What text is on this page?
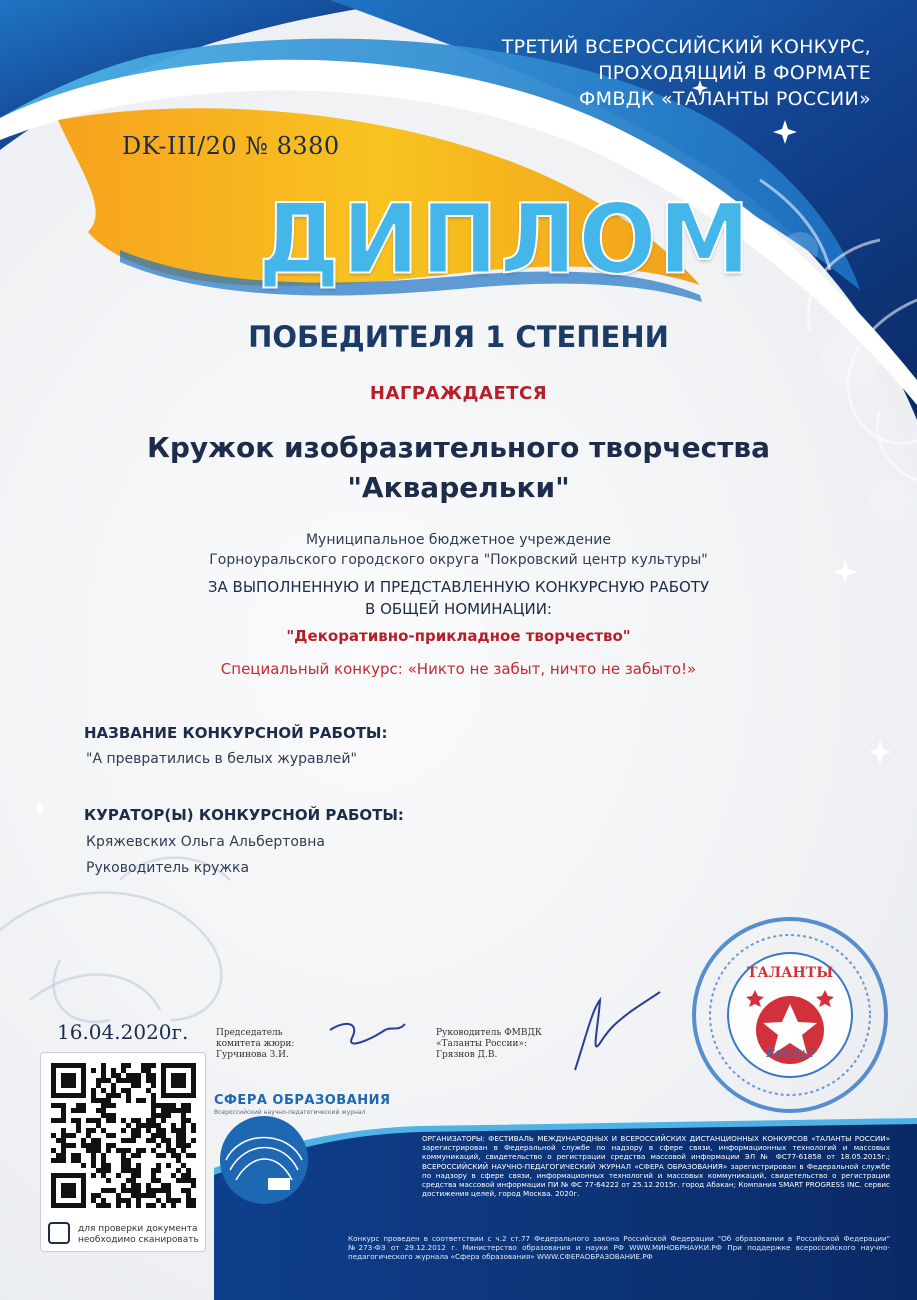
ТРЕТИЙ ВСЕРОССИЙСКИЙ КОНКУРС,
ПРОХОДЯЩИЙ В ФОРМАТЕ
ФМВДК «ТАЛАНТЫ РОССИИ»
DK-III/20 № 8380
ДИПЛОМ
ПОБЕДИТЕЛЯ 1 СТЕПЕНИ
НАГРАЖДАЕТСЯ
Кружок изобразительного творчества
"Акварельки"
Муниципальное бюджетное учреждение
Горноуральского городского округа "Покровский центр культуры"
ЗА ВЫПОЛНЕННУЮ И ПРЕДСТАВЛЕННУЮ КОНКУРСНУЮ РАБОТУ
В ОБЩЕЙ НОМИНАЦИИ:
"Декоративно-прикладное творчество"
Специальный конкурс: «Никто не забыт, ничто не забыто!»
НАЗВАНИЕ КОНКУРСНОЙ РАБОТЫ:
"А превратились в белых журавлей"
КУРАТОР(Ы) КОНКУРСНОЙ РАБОТЫ:
Кряжевских Ольга Альбертовна
Руководитель кружка
16.04.2020г.	Председатель
комитета жюри:
Гурчинова З.И.
Руководитель ФМВДК
«Таланты России»:
Грязнов Д.В.
для проверки документа
необходимо сканировать
СФЕРА ОБРАЗОВАНИЯ
Всероссийский научно-педагогический журнал
ТАЛАНТЫ
России
ОРГАНИЗАТОРЫ: ФЕСТИВАЛЬ МЕЖДУНАРОДНЫХ И ВСЕРОССИЙСКИХ ДИСТАНЦИОННЫХ КОНКУРСОВ «ТАЛАНТЫ РОССИИ» зарегистрирован в Федеральной службе по надзору в сфере связи, информационных технологий и массовых коммуникаций, свидетельство о регистрации средства массовой информации ЭЛ № ФС77-61858 от 18.05.2015г.; ВСЕРОССИЙСКИЙ НАУЧНО-ПЕДАГОГИЧЕСКИЙ ЖУРНАЛ «СФЕРА ОБРАЗОВАНИЯ» зарегистрирован в Федеральной службе по надзору в сфере связи, информационных технологий и массовых коммуникаций, свидетельство о регистрации средства массовой информации ПИ № ФС 77-64222 от 25.12.2015г. город Абакан; Компания SMART PROGRESS INC. сервис достижения целей, город Москва. 2020г.
Конкурс проведен в соответствии с ч.2 ст.77 Федерального закона Российской Федерации "Об образовании в Российской Федерации" №273-ФЗ от 29.12.2012 г. Министерство образования и науки РФ WWW.МИНОБРНАУКИ.РФ При поддержке всероссийского научно-педагогического журнала «Сфера образования» WWW.СФЕРАОБРАЗОВАНИЕ.РФ
